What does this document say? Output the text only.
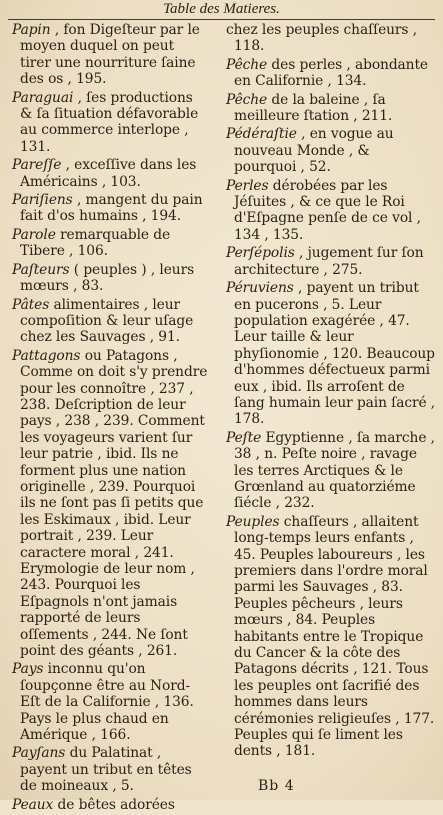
Table des Matieres.

Papin , fon Digeſteur par le moyen duquel on peut tirer une nourriture ſaine des os , 195.

Paraguai , ſes productions & ſa ſituation défavorable au commerce interlope , 131.

Pareſſe , exceſſive dans les Américains , 103.

Pariſiens , mangent du pain fait d'os humains , 194.

Parole remarquable de Tibere , 106.

Paſteurs ( peuples ) , leurs mœurs , 83.

Pâtes alimentaires , leur compoſition & leur uſage chez les Sauvages , 91.

Pattagons ou Patagons , Comme on doit s'y prendre pour les connoître , 237 , 238. Deſcription de leur pays , 238 , 239. Comment les voyageurs varient ſur leur patrie , ibid. Ils ne forment plus une nation originelle , 239. Pourquoi ils ne ſont pas ſi petits que les Eskimaux , ibid. Leur portrait , 239. Leur caractere moral , 241. Erymologie de leur nom , 243. Pourquoi les Eſpagnols n'ont jamais rapporté de leurs oſſements , 244. Ne ſont point des géants , 261.

Pays inconnu qu'on ſoupçonne être au Nord-Eſt de la Californie , 136. Pays le plus chaud en Amérique , 166.

Payſans du Palatinat , payent un tribut en têtes de moineaux , 5.

Peaux de bêtes adorées

chez les peuples chaſſeurs , 118.

Pêche des perles , abondante en Californie , 134.

Pêche de la baleine , ſa meilleure ſtation , 211.

Pédéraſtie , en vogue au nouveau Monde , & pourquoi , 52.

Perles dérobées par les Jéſuites , & ce que le Roi d'Eſpagne penſe de ce vol , 134 , 135.

Perſépolis , jugement ſur ſon architecture , 275.

Péruviens , payent un tribut en pucerons , 5. Leur population exagérée , 47. Leur taille & leur phyſionomie , 120. Beaucoup d'hommes défectueux parmi eux , ibid. Ils arroſent de ſang humain leur pain ſacré , 178.

Peſte Egyptienne , ſa marche , 38 , n. Peſte noire , ravage les terres Arctiques & le Grœnland au quatorziéme ſiécle , 232.

Peuples chaſſeurs , allaitent long-temps leurs enfants , 45. Peuples laboureurs , les premiers dans l'ordre moral parmi les Sauvages , 83. Peuples pêcheurs , leurs mœurs , 84. Peuples habitants entre le Tropique du Cancer & la côte des Patagons décrits , 121. Tous les peuples ont ſacrifié des hommes dans leurs cérémonies religieuſes , 177. Peuples qui ſe liment les dents , 181.

Bb 4
